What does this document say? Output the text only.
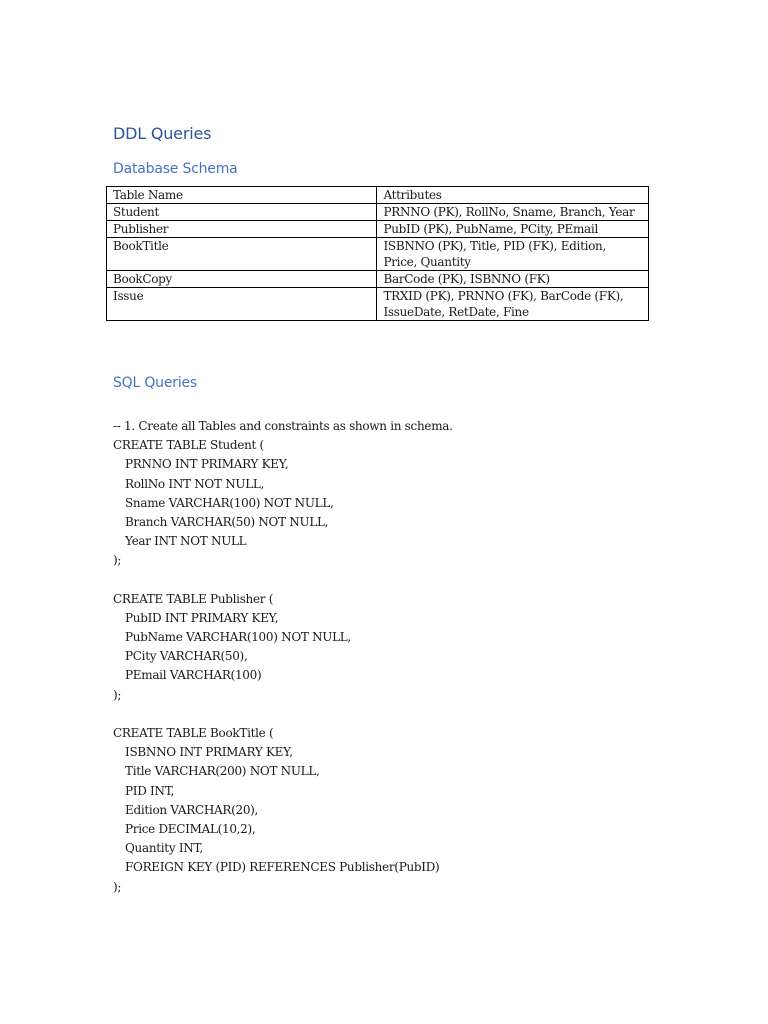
DDL Queries
Database Schema
Table Name	Attributes
Student	PRNNO (PK), RollNo, Sname, Branch, Year
Publisher	PubID (PK), PubName, PCity, PEmail
BookTitle	ISBNNO (PK), Title, PID (FK), Edition, Price, Quantity
BookCopy	BarCode (PK), ISBNNO (FK)
Issue	TRXID (PK), PRNNO (FK), BarCode (FK), IssueDate, RetDate, Fine
SQL Queries
-- 1. Create all Tables and constraints as shown in schema.
CREATE TABLE Student (
PRNNO INT PRIMARY KEY,
RollNo INT NOT NULL,
Sname VARCHAR(100) NOT NULL,
Branch VARCHAR(50) NOT NULL,
Year INT NOT NULL
);
CREATE TABLE Publisher (
PubID INT PRIMARY KEY,
PubName VARCHAR(100) NOT NULL,
PCity VARCHAR(50),
PEmail VARCHAR(100)
);
CREATE TABLE BookTitle (
ISBNNO INT PRIMARY KEY,
Title VARCHAR(200) NOT NULL,
PID INT,
Edition VARCHAR(20),
Price DECIMAL(10,2),
Quantity INT,
FOREIGN KEY (PID) REFERENCES Publisher(PubID)
);
